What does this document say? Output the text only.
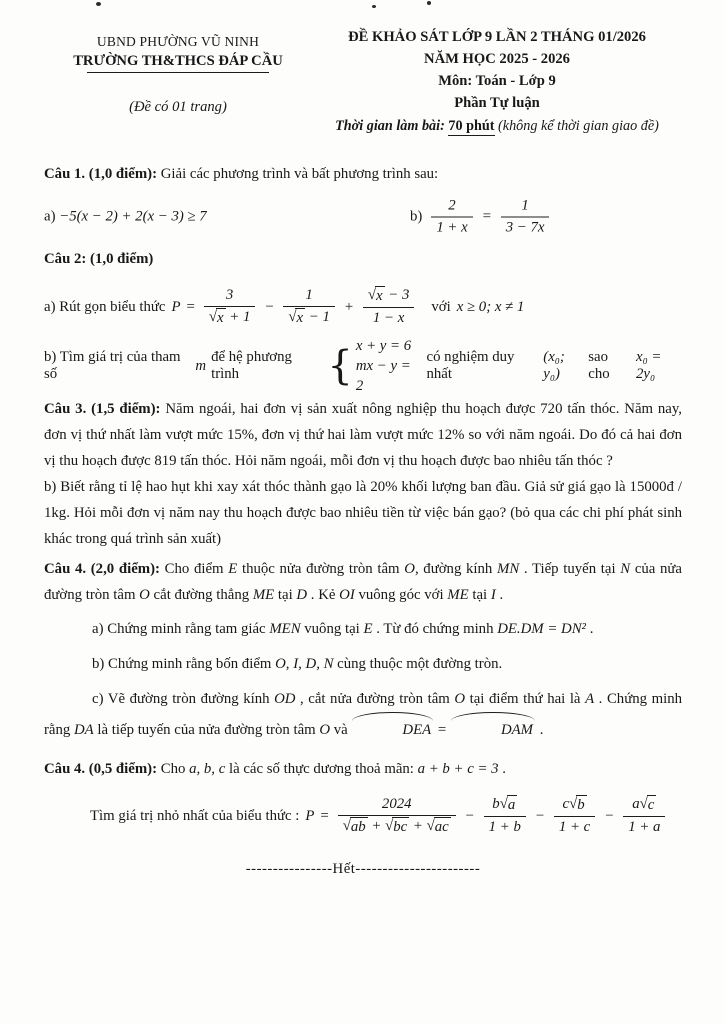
UBND PHƯỜNG VŨ NINH
TRƯỜNG TH&THCS ĐÁP CẦU
(Đề có 01 trang)
ĐỀ KHẢO SÁT LỚP 9 LẦN 2 THÁNG 01/2026
NĂM HỌC 2025 - 2026
Môn: Toán - Lớp 9
Phần Tự luận
Thời gian làm bài: 70 phút (không kể thời gian giao đề)

Câu 1. (1,0 điểm): Giải các phương trình và bất phương trình sau:

a) −5(x − 2) + 2(x − 3) ≥ 7	$b) \frac{2}{1 + x} = \frac{1}{3 - 7x}$

Câu 2: (1,0 điểm)

a) Rút gọn biểu thức $P = \frac{3}{√ x + 1} - \frac{1}{√ x - 1} + \frac{√ x - 3}{1 - x}$ với x ≥ 0; x ≠ 1
b) Tìm giá trị của tham số
m
để hệ phương trình	{ x + y = 6
mx − y = 2
có nghiệm duy nhất
(x₀; y₀)
sao cho
x₀ = 2y₀

Câu 3. (1,5 điểm): Năm ngoái, hai đơn vị sản xuất nông nghiệp thu hoạch được 720 tấn thóc. Năm nay, đơn vị thứ nhất làm vượt mức 15%, đơn vị thứ hai làm vượt mức 12% so với năm ngoái. Do đó cả hai đơn vị thu hoạch được 819 tấn thóc. Hỏi năm ngoái, mỗi đơn vị thu hoạch được bao nhiêu tấn thóc ?

b) Biết rằng tỉ lệ hao hụt khi xay xát thóc thành gạo là 20% khối lượng ban đầu. Giả sử giá gạo là 15000đ / 1kg. Hỏi mỗi đơn vị năm nay thu hoạch được bao nhiêu tiền từ việc bán gạo? (bỏ qua các chi phí phát sinh khác trong quá trình sản xuất)

Câu 4. (2,0 điểm): Cho điểm E thuộc nửa đường tròn tâm O, đường kính MN . Tiếp tuyến tại N của nửa đường tròn tâm O cắt đường thẳng ME tại D . Kẻ OI vuông góc với ME tại I .

a) Chứng minh rằng tam giác MEN vuông tại E . Từ đó chứng minh DE.DM = DN² .

b) Chứng minh rằng bốn điểm O, I, D, N cùng thuộc một đường tròn.

c) Vẽ đường tròn đường kính OD , cắt nửa đường tròn tâm O tại điểm thứ hai là A . Chứng minh rằng DA là tiếp tuyến của nửa đường tròn tâm O và	DEA =	DAM .

Câu 4. (0,5 điểm): Cho a, b, c là các số thực dương thoả mãn: a + b + c = 3 .

Tìm giá trị nhỏ nhất của biểu thức : $P = \frac{2024}{√ ab + √ bc + √ ac} - \frac{b √ a}{1 + b} - \frac{c √ b}{1 + c} - \frac{a √ c}{1 + a}$

----------------Hết-----------------------
